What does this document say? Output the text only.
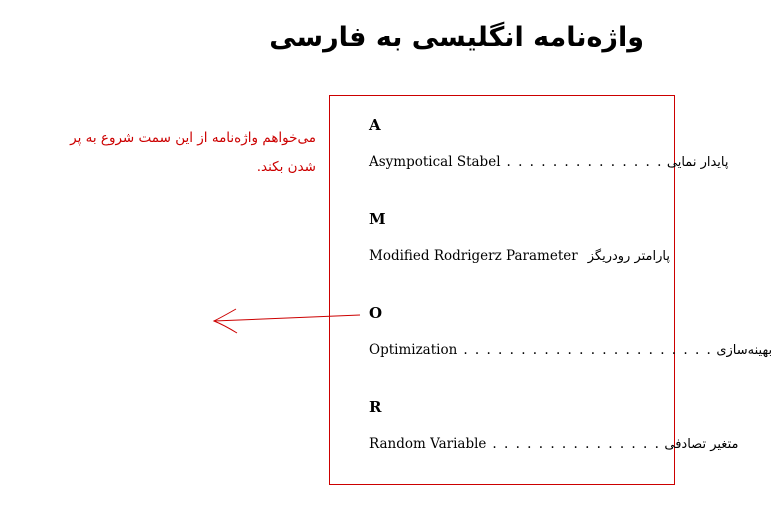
واژه‌نامه انگلیسی به فارسی
می‌خواهم واژه‌نامه از این سمت شروع به پر شدن بکند.
A
Asympotical Stabel . . . . . . . . . . . . . . پایدار نمایی
M
Modified Rodrigerz Parameter پارامتر رودریگز
O
Optimization . . . . . . . . . . . . . . . . . . . . . . بهینه‌سازی
R
Random Variable . . . . . . . . . . . . . . . متغیر تصادفی
